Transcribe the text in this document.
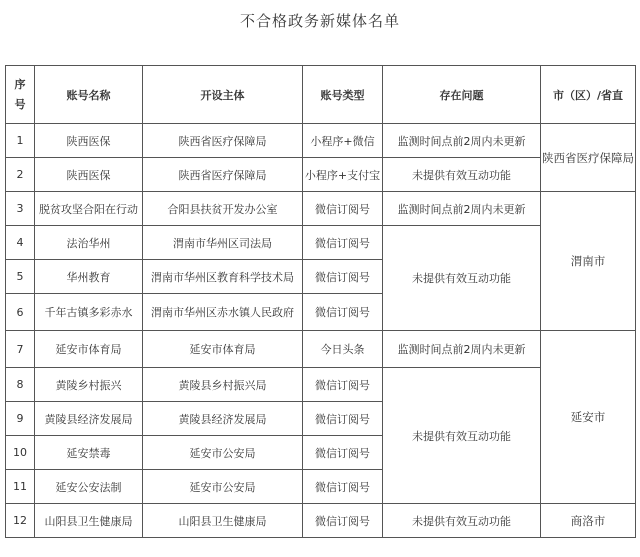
不合格政务新媒体名单
序
号	账号名称	开设主体	账号类型	存在问题	市（区）/省直
1	陕西医保	陕西省医疗保障局	小程序+微信	监测时间点前2周内未更新	陕西省医疗保障局
2	陕西医保	陕西省医疗保障局	小程序+支付宝	未提供有效互动功能	
3	脱贫攻坚合阳在行动	合阳县扶贫开发办公室	微信订阅号	监测时间点前2周内未更新	渭南市
4	法治华州	渭南市华州区司法局	微信订阅号	未提供有效互动功能	
5	华州教育	渭南市华州区教育科学技术局	微信订阅号		
6	千年古镇多彩赤水	渭南市华州区赤水镇人民政府	微信订阅号		
7	延安市体育局	延安市体育局	今日头条	监测时间点前2周内未更新	延安市
8	黄陵乡村振兴	黄陵县乡村振兴局	微信订阅号	未提供有效互动功能	
9	黄陵县经济发展局	黄陵县经济发展局	微信订阅号		
10	延安禁毒	延安市公安局	微信订阅号		
11	延安公安法制	延安市公安局	微信订阅号		
12	山阳县卫生健康局	山阳县卫生健康局	微信订阅号	未提供有效互动功能	商洛市
